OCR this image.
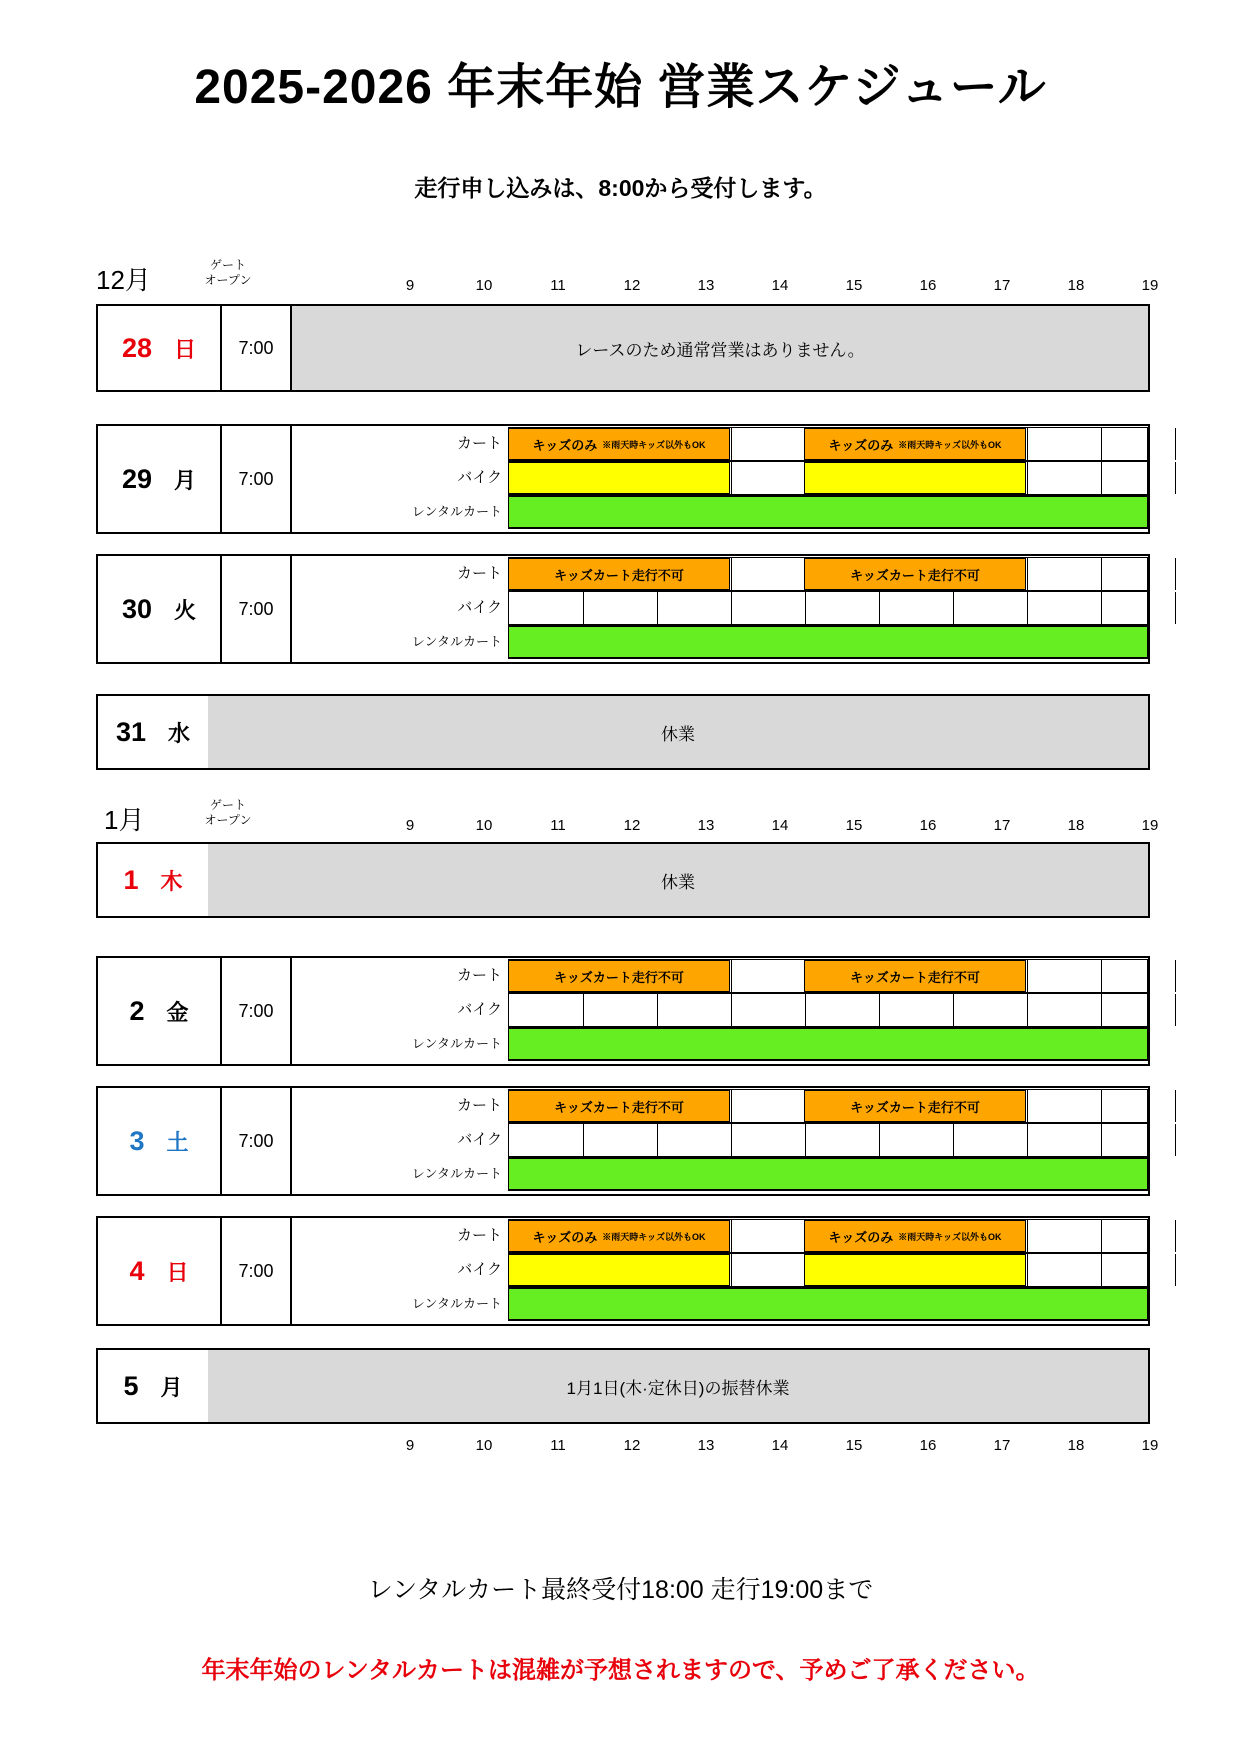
2025-2026 年末年始 営業スケジュール
走行申し込みは、8:00から受付します。
12月	ゲート
オープン	9	10	11	12	13	14	15	16	17	18	19
28 日	7:00	レースのため通常営業はありません。
29 月	7:00
カート	キッズのみ ※雨天時キッズ以外もOK	キッズのみ ※雨天時キッズ以外もOK
バイク
レンタルカート
30 火	7:00
カート	キッズカート走行不可	キッズカート走行不可
バイク
レンタルカート
31 水	休業
1月	ゲート
オープン	9	10	11	12	13	14	15	16	17	18	19
1 木	休業
2 金	7:00
カート	キッズカート走行不可	キッズカート走行不可
バイク
レンタルカート
3 土	7:00
カート	キッズカート走行不可	キッズカート走行不可
バイク
レンタルカート
4 日	7:00
カート	キッズのみ ※雨天時キッズ以外もOK	キッズのみ ※雨天時キッズ以外もOK
バイク
レンタルカート
5 月	1月1日(木·定休日)の振替休業
9	10	11	12	13	14	15	16	17	18	19
レンタルカート最終受付18:00 走行19:00まで
年末年始のレンタルカートは混雑が予想されますので、予めご了承ください。
